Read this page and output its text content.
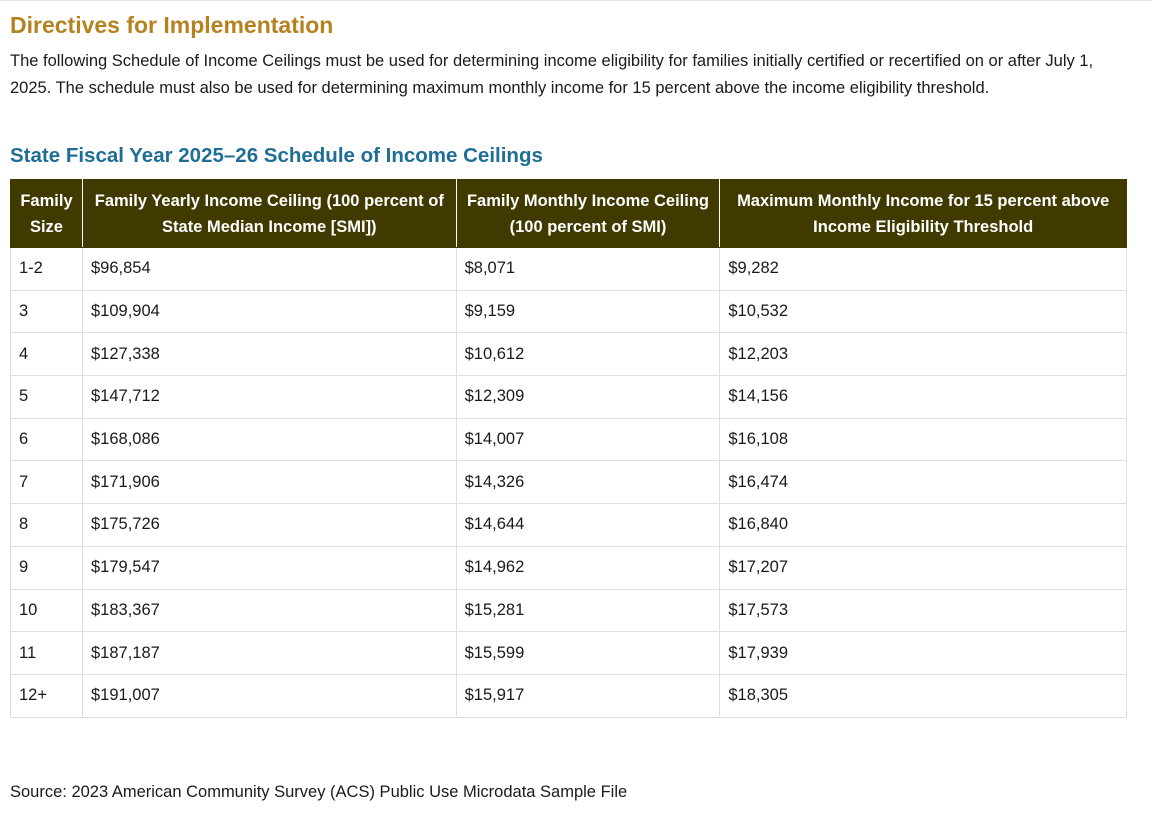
Directives for Implementation

The following Schedule of Income Ceilings must be used for determining income eligibility for families initially certified or recertified on or after July 1, 2025. The schedule must also be used for determining maximum monthly income for 15 percent above the income eligibility threshold.

State Fiscal Year 2025–26 Schedule of Income Ceilings
Family Size	Family Yearly Income Ceiling (100 percent of State Median Income [SMI])	Family Monthly Income Ceiling (100 percent of SMI)	Maximum Monthly Income for 15 percent above Income Eligibility Threshold
1-2	$96,854	$8,071	$9,282
3	$109,904	$9,159	$10,532
4	$127,338	$10,612	$12,203
5	$147,712	$12,309	$14,156
6	$168,086	$14,007	$16,108
7	$171,906	$14,326	$16,474
8	$175,726	$14,644	$16,840
9	$179,547	$14,962	$17,207
10	$183,367	$15,281	$17,573
11	$187,187	$15,599	$17,939
12+	$191,007	$15,917	$18,305

Source: 2023 American Community Survey (ACS) Public Use Microdata Sample File
